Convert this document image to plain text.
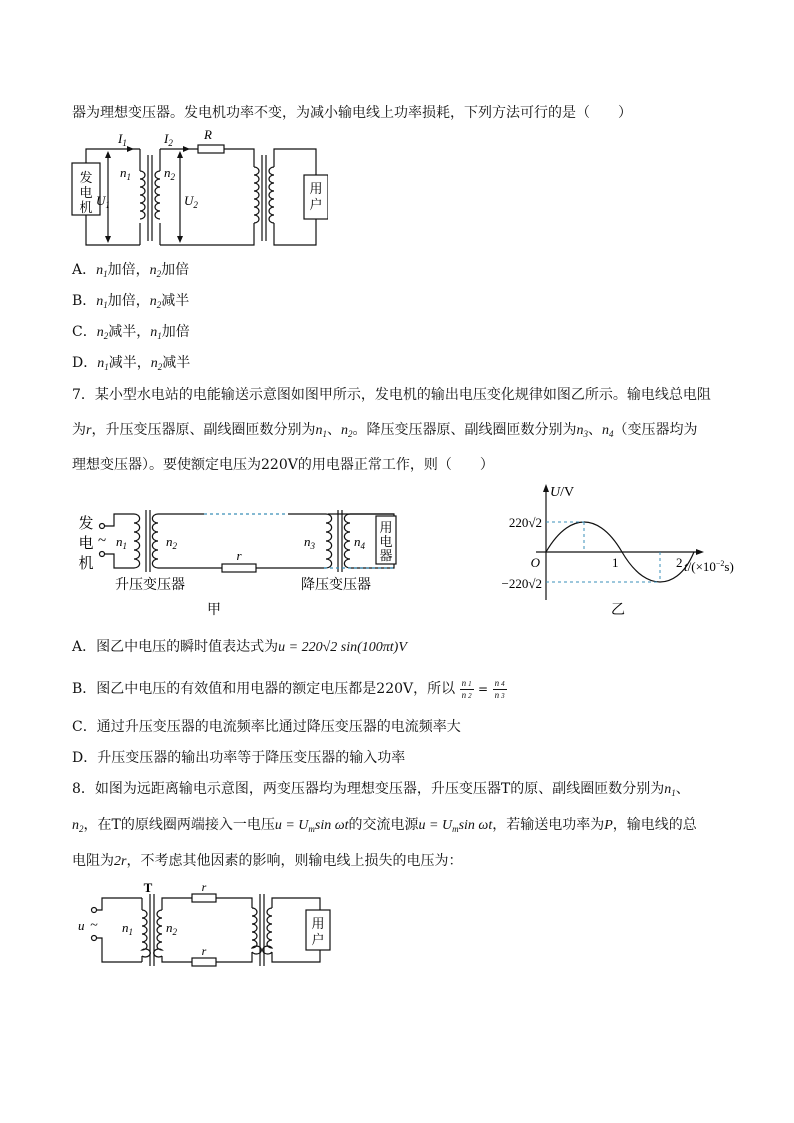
器为理想变压器。发电机功率不变，为减小输电线上功率损耗，下列方法可行的是（　　）
发
电
机
用
户
$I_1$	$I_2$
R
$n_1$	$n_2$
$U_1$	$U_2$
A．$n_1$加倍，$n_2$加倍
B．$n_1$加倍，$n_2$减半
C．$n_2$减半，$n_1$加倍
D．$n_1$减半，$n_2$减半
7．某小型水电站的电能输送示意图如图甲所示，发电机的输出电压变化规律如图乙所示。输电线总电阻
为r，升压变压器原、副线圈匝数分别为$n_1$、$n_2$。降压变压器原、副线圈匝数分别为$n_3$、$n_4$（变压器均为
理想变压器）。要使额定电压为220V的用电器正常工作，则（　　）
发
电
机
~ $n_1$	$n_2$	$n_3$	$n_4$
用
电
器
r
升压变压器	降压变压器
甲
U/V
220√2
−220√2
O	1	2 $t/(\times 10^{-2}s)$
乙
A．图乙中电压的瞬时值表达式为u = 220√2 sin(100πt)V
B．图乙中电压的有效值和用电器的额定电压都是220V，所以 $\frac{n 1}{n 2} = \frac{n 4}{n 3}$
C．通过升压变压器的电流频率比通过降压变压器的电流频率大
D．升压变压器的输出功率等于降压变压器的输入功率
8．如图为远距离输电示意图，两变压器均为理想变压器，升压变压器T的原、副线圈匝数分别为$n_1$、
$n_2$，在T的原线圈两端接入一电压$u = U_m\sin$ ωt的交流电源$u = U_m\sin$ ωt，若输送电功率为P，输电线的总
电阻为2r，不考虑其他因素的影响，则输电线上损失的电压为：
T
u ~ $n_1$	$n_2$
r
r
用
户
